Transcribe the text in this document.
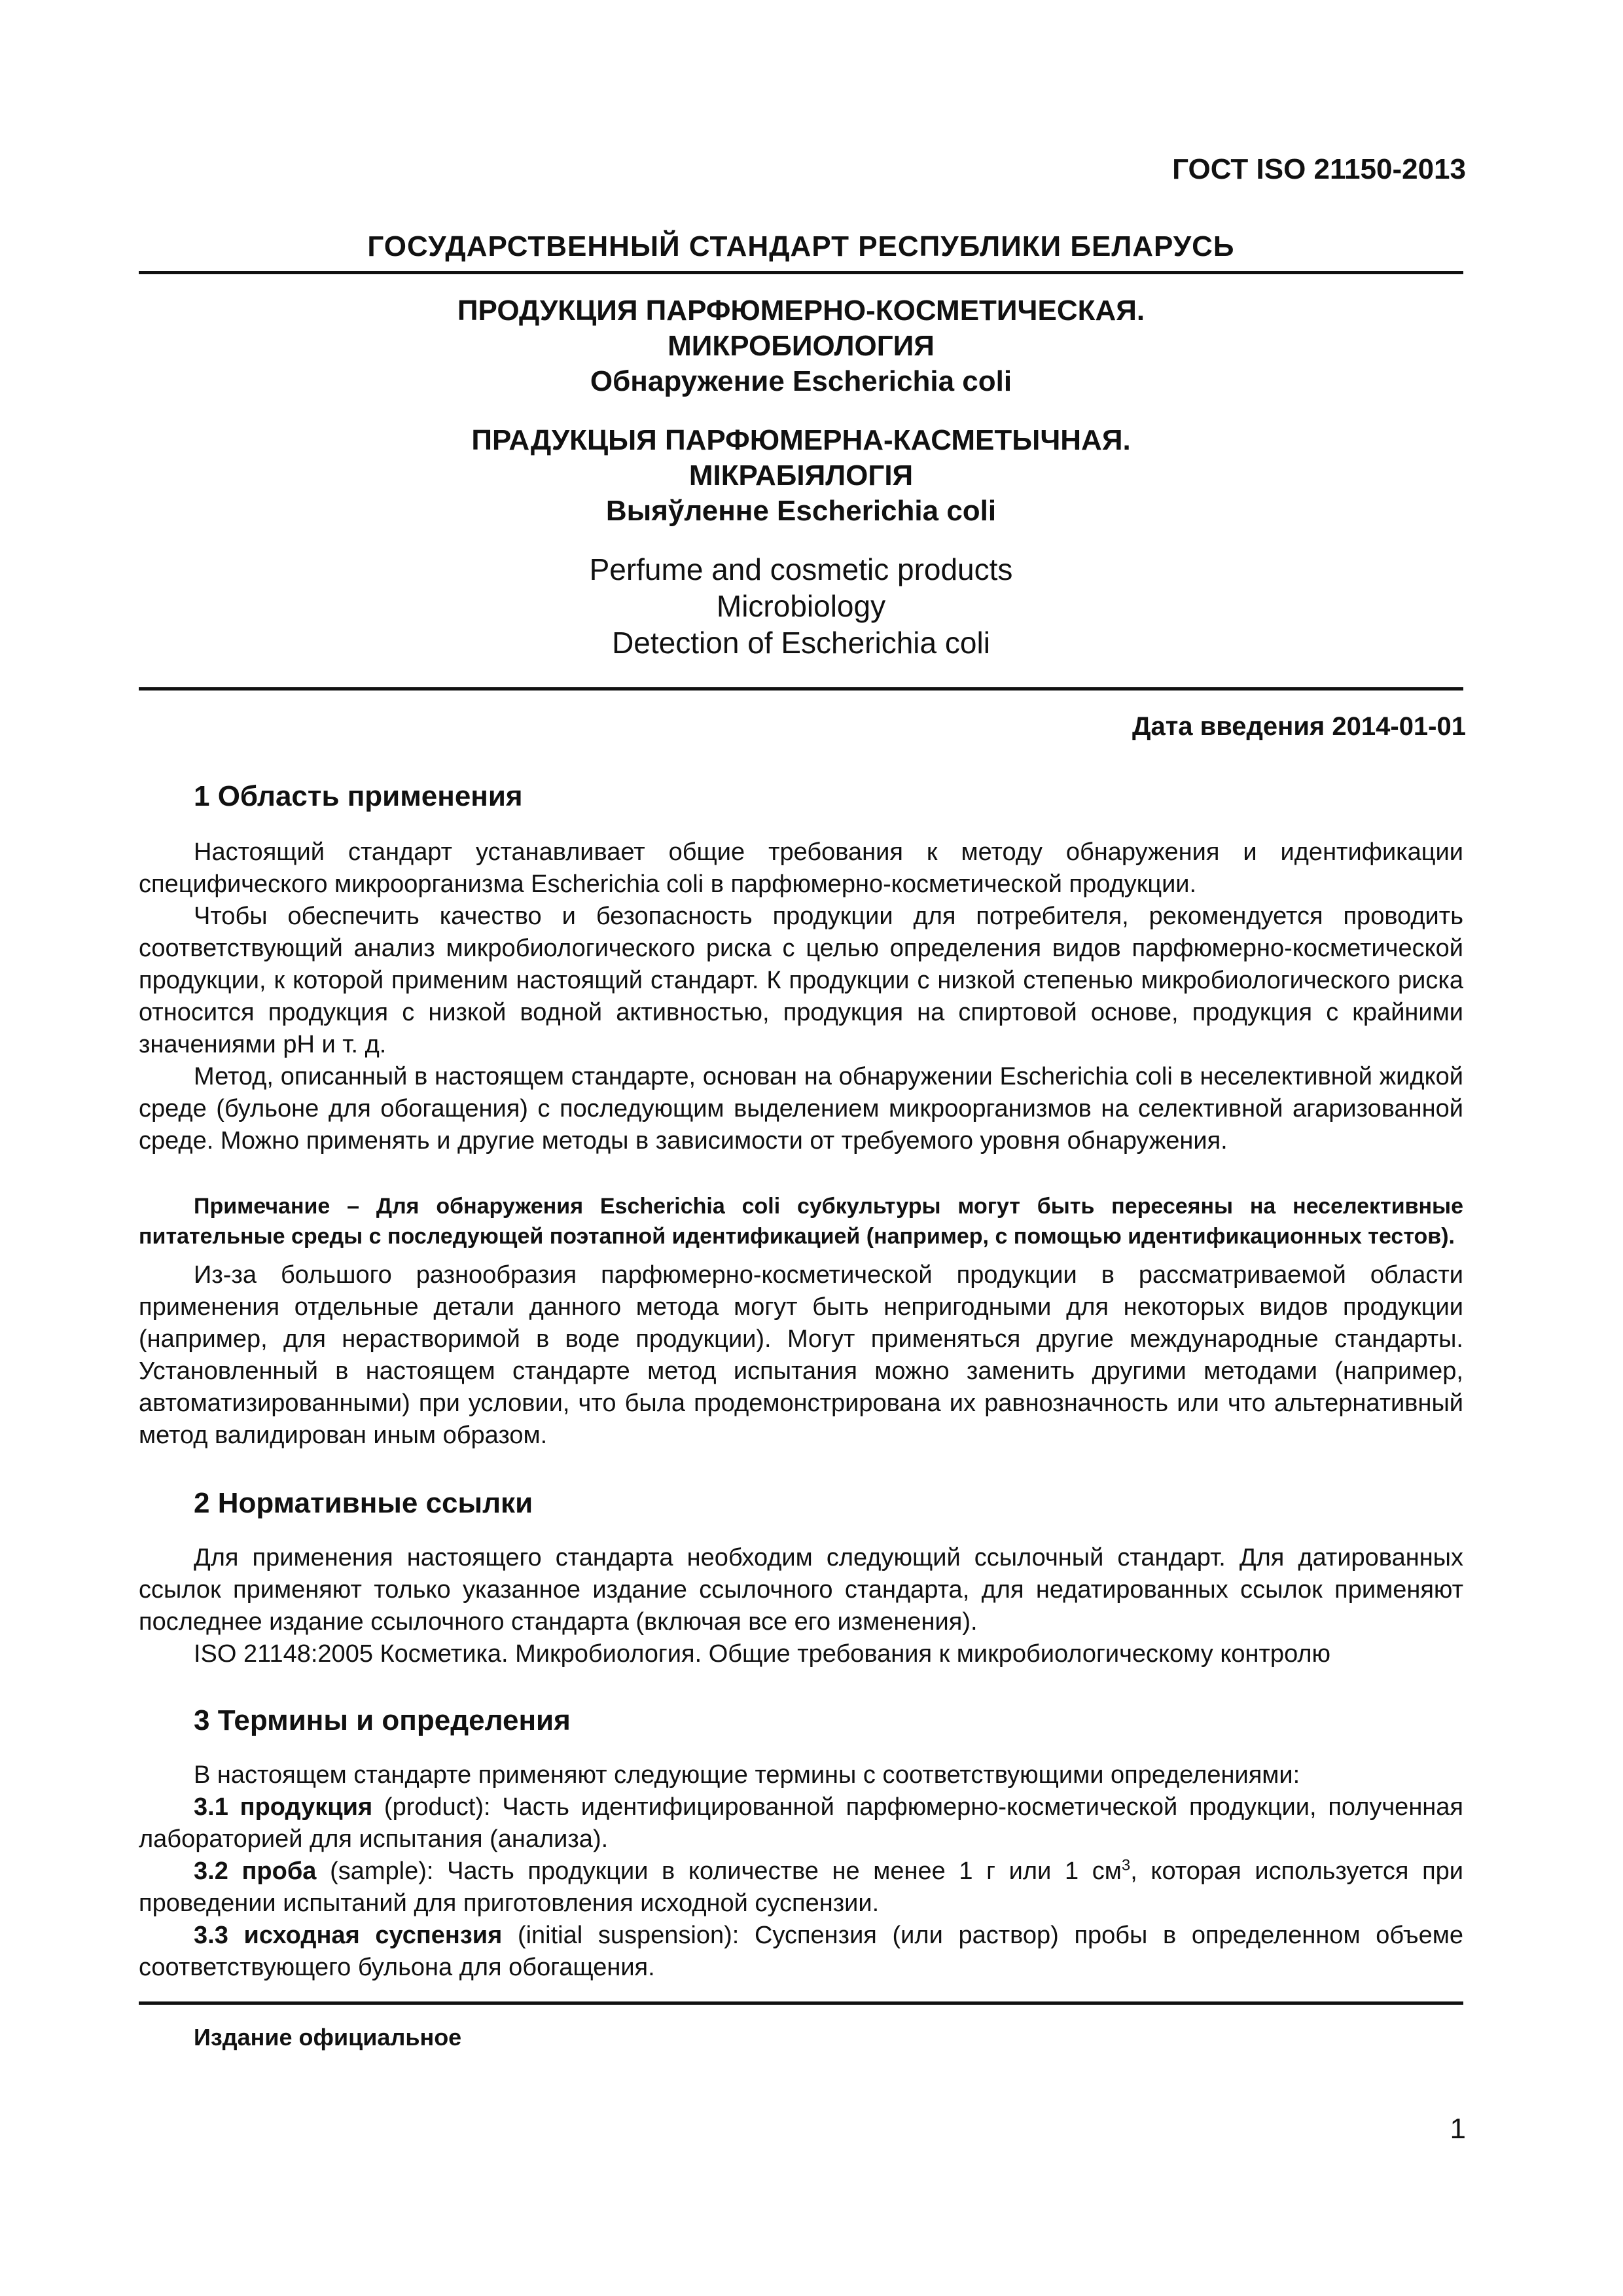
ГОСТ ISO 21150-2013
ГОСУДАРСТВЕННЫЙ СТАНДАРТ РЕСПУБЛИКИ БЕЛАРУСЬ
ПРОДУКЦИЯ ПАРФЮМЕРНО-КОСМЕТИЧЕСКАЯ.
МИКРОБИОЛОГИЯ
Обнаружение Escherichia coli
ПРАДУКЦЫЯ ПАРФЮМЕРНА-КАСМЕТЫЧНАЯ.
МІКРАБІЯЛОГІЯ
Выяўленне Escherichia coli
Perfume and cosmetic products
Microbiology
Detection of Escherichia coli
Дата введения 2014-01-01
1 Область применения

Настоящий стандарт устанавливает общие требования к методу обнаружения и идентификации специфического микроорганизма Escherichia coli в парфюмерно-косметической продукции.

Чтобы обеспечить качество и безопасность продукции для потребителя, рекомендуется проводить соответствующий анализ микробиологического риска с целью определения видов парфюмерно-косметической продукции, к которой применим настоящий стандарт. К продукции с низкой степенью микробиологического риска относится продукция с низкой водной активностью, продукция на спиртовой основе, продукция с крайними значениями pH и т. д.

Метод, описанный в настоящем стандарте, основан на обнаружении Escherichia coli в неселективной жидкой среде (бульоне для обогащения) с последующим выделением микроорганизмов на селективной агаризованной среде. Можно применять и другие методы в зависимости от требуемого уровня обнаружения.

Примечание – Для обнаружения Escherichia coli субкультуры могут быть пересеяны на неселективные питательные среды с последующей поэтапной идентификацией (например, с помощью идентификационных тестов).

Из-за большого разнообразия парфюмерно-косметической продукции в рассматриваемой области применения отдельные детали данного метода могут быть непригодными для некоторых видов продукции (например, для нерастворимой в воде продукции). Могут применяться другие международные стандарты. Установленный в настоящем стандарте метод испытания можно заменить другими методами (например, автоматизированными) при условии, что была продемонстрирована их равнозначность или что альтернативный метод валидирован иным образом.

2 Нормативные ссылки

Для применения настоящего стандарта необходим следующий ссылочный стандарт. Для датированных ссылок применяют только указанное издание ссылочного стандарта, для недатированных ссылок применяют последнее издание ссылочного стандарта (включая все его изменения).

ISO 21148:2005 Косметика. Микробиология. Общие требования к микробиологическому контролю

3 Термины и определения

В настоящем стандарте применяют следующие термины с соответствующими определениями:

3.1 продукция (product): Часть идентифицированной парфюмерно-косметической продукции, полученная лабораторией для испытания (анализа).

3.2 проба (sample): Часть продукции в количестве не менее 1 г или 1 $см^3$, которая используется при проведении испытаний для приготовления исходной суспензии.

3.3 исходная суспензия (initial suspension): Суспензия (или раствор) пробы в определенном объеме соответствующего бульона для обогащения.

Издание официальное
1
